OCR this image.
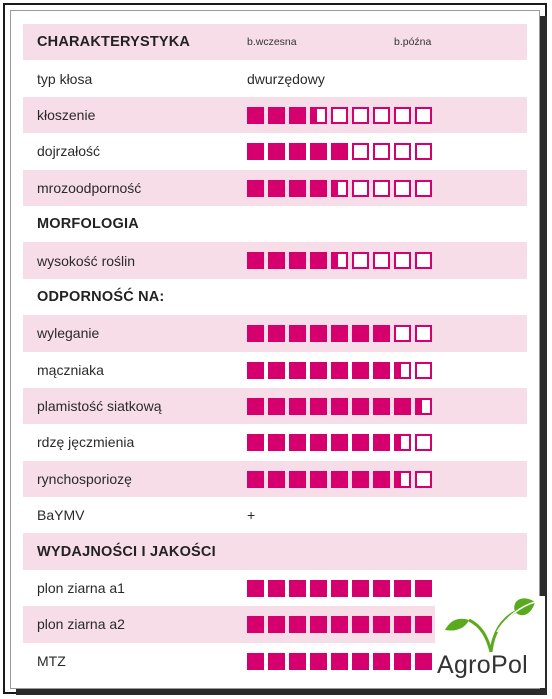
CHARAKTERYSTYKA	b.wczesna	b.późna
typ kłosa	dwurzędowy
kłoszenie
dojrzałość
mrozoodporność
MORFOLOGIA
wysokość roślin
ODPORNOŚĆ NA:
wyleganie
mączniaka
plamistość siatkową
rdzę jęczmienia
rynchosporiozę
BaYMV	+
WYDAJNOŚCI I JAKOŚCI
plon ziarna a1
plon ziarna a2
MTZ	AgroPol
